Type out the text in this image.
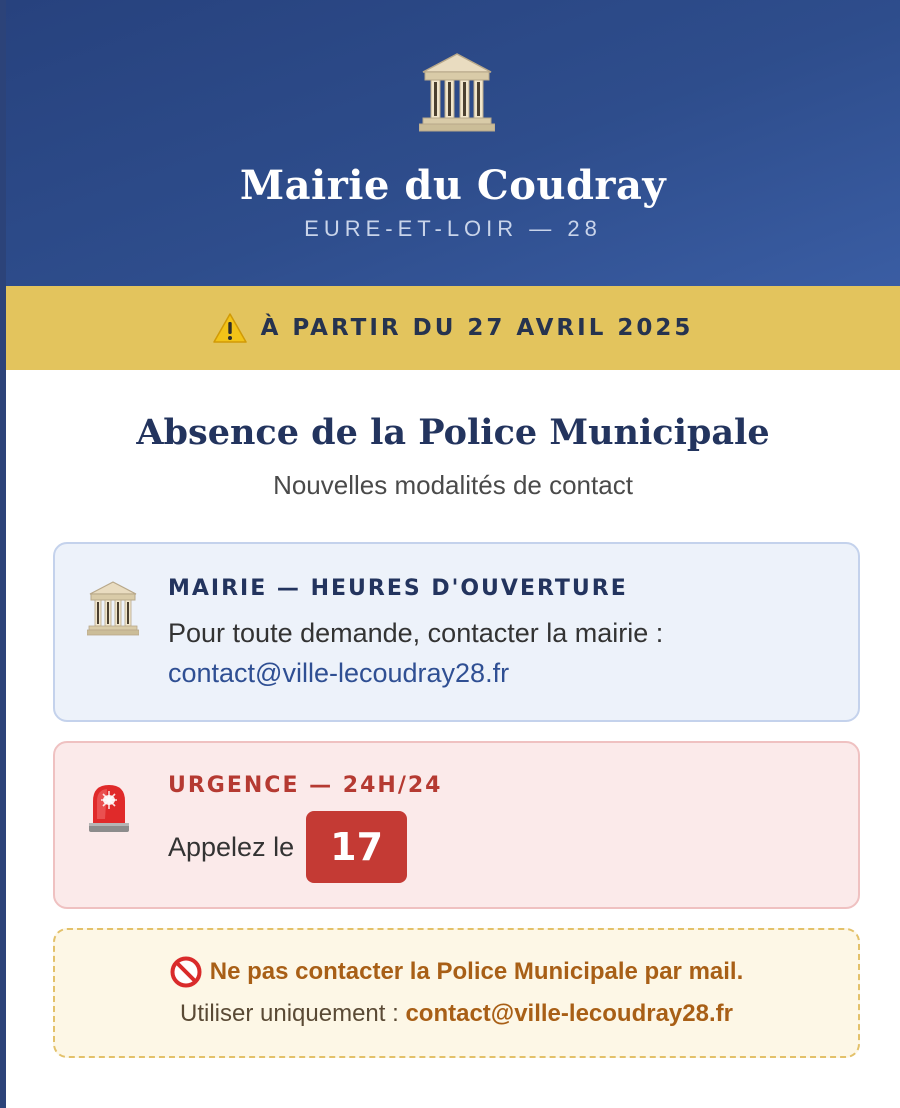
Mairie du Coudray
EURE-ET-LOIR — 28
À PARTIR DU 27 AVRIL 2025
Absence de la Police Municipale
Nouvelles modalités de contact
MAIRIE — HEURES D'OUVERTURE
Pour toute demande, contacter la mairie :
contact@ville-lecoudray28.fr
URGENCE — 24H/24
Appelez le 17
Ne pas contacter la Police Municipale par mail.
Utiliser uniquement : contact@ville-lecoudray28.fr
